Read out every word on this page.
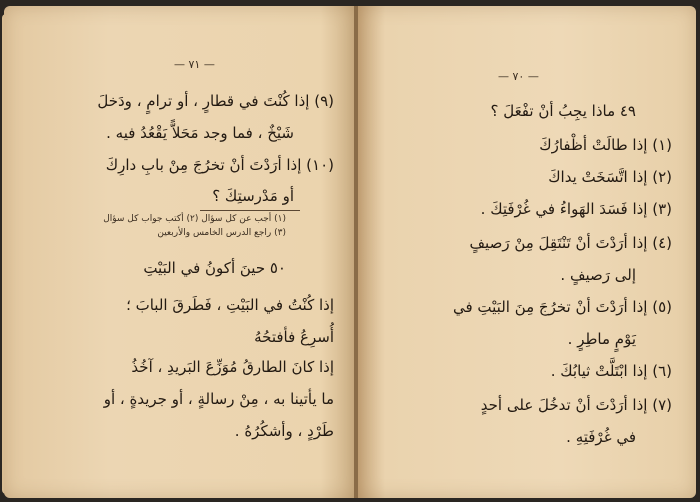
— ٧١ —
(٩) إذا كُنْتَ في قطارٍ ، أو ترامٍ ، ودَخلَ
شَيْخٌ ، فما وجد مَحَلاًّ يَقْعُدُ فيه .
(١٠) إذا أرَدْتَ أنْ تخرُجَ مِنْ بابِ دارِكَ
أو مَدْرستِكَ ؟
(١) أجب عن كل سؤال (٢) أكتب جواب كل سؤال
(٣) راجع الدرس الخامس والأربعين
٥٠ حينَ أكونُ في البَيْتِ
إذا كُنْتُ في البَيْتِ ، فَطَرقَ البابَ ؛
أُسرِعُ فأفتحُهُ
إذا كانَ الطارقُ مُوَزِّعَ البَريدِ ، آخُذُ
ما يأتينا به ، مِنْ رسالةٍ ، أو جريدةٍ ، أو
طَرْدٍ ، وأشكُرُهُ .
— ٧٠ —
٤٩ ماذا يجِبُ أنْ تفْعَلَ ؟
(١) إذا طالَتْ أظْفارُكَ
(٢) إذا اتَّسَخَتْ يداكَ
(٣) إذا فَسَدَ الهَواءُ في غُرْفَتِكَ .
(٤) إذا أرَدْتَ أنْ تَنْتَقِلَ مِنْ رَصيفٍ
إلى رَصيفٍ .
(٥) إذا أرَدْتَ أنْ تخرُجَ مِنَ البَيْتِ في
يَوْمٍ ماطِرٍ .
(٦) إذا ابْتَلَّتْ ثيابُكَ .
(٧) إذا أرَدْتَ أنْ تدخُلَ على أحدٍ
في غُرْفَتِهِ .
